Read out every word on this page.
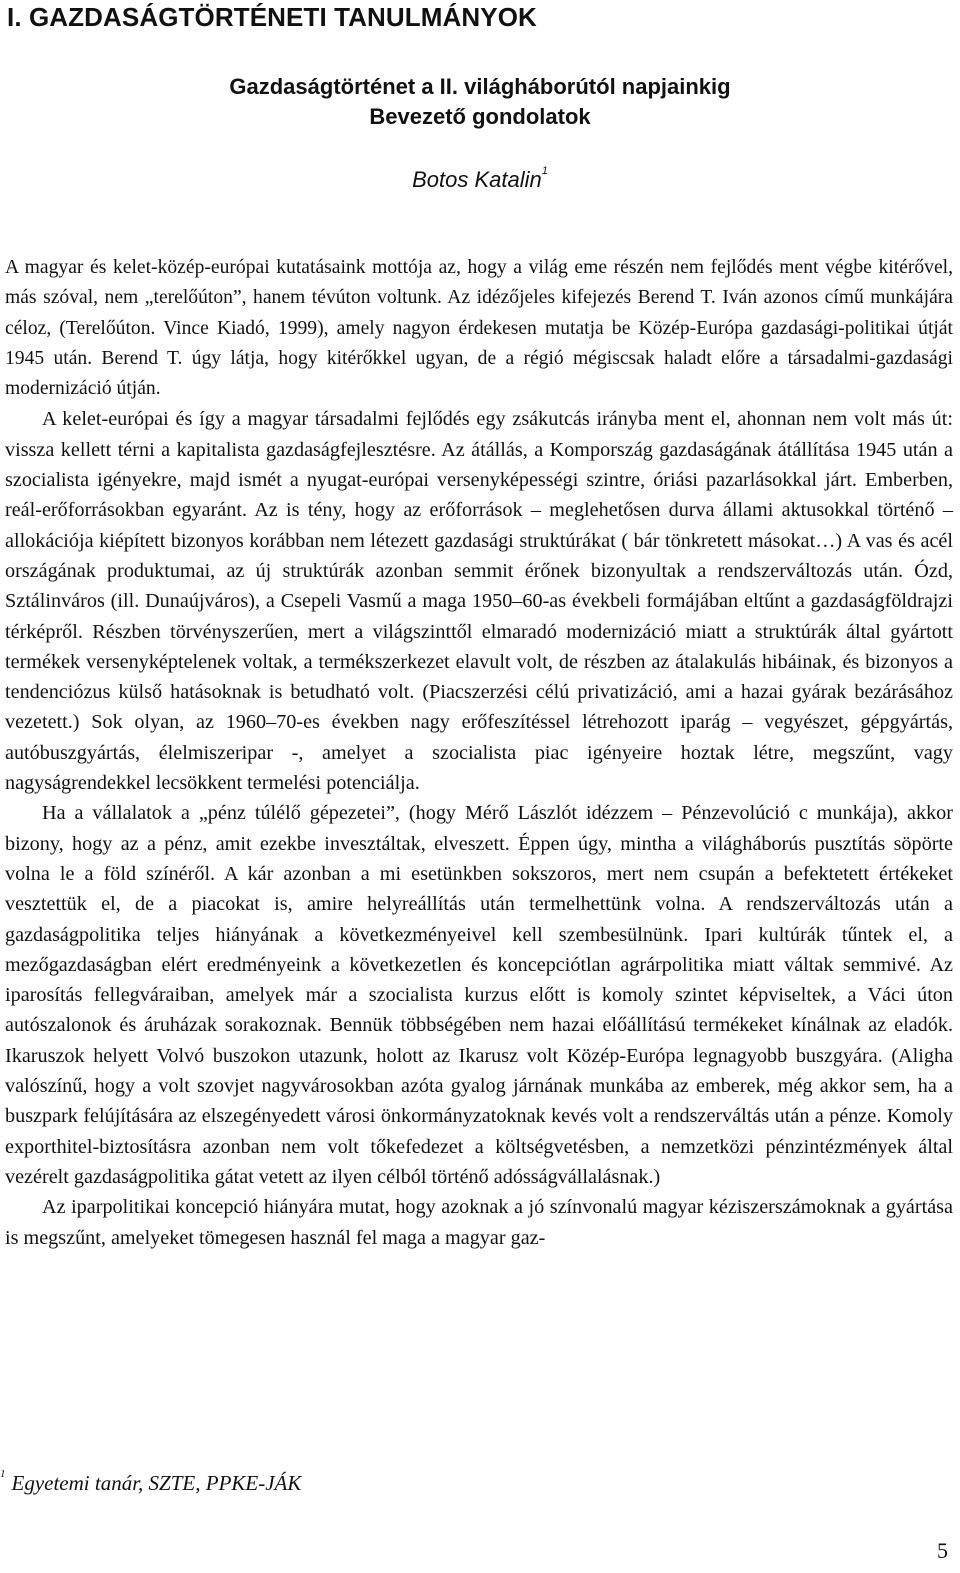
I. GAZDASÁGTÖRTÉNETI TANULMÁNYOK
Gazdaságtörténet a II. világháborútól napjainkig
Bevezető gondolatok

Botos Katalin$^1$

A magyar és kelet-közép-európai kutatásaink mottója az, hogy a világ eme részén nem fejlődés ment végbe kitérővel, más szóval, nem „terelőúton”, hanem tévúton voltunk. Az idézőjeles kifejezés Berend T. Iván azonos című munkájára céloz, (Terelőúton. Vince Kiadó, 1999), amely nagyon érdekesen mutatja be Közép-Európa gazdasági-politikai útját 1945 után. Berend T. úgy látja, hogy kitérőkkel ugyan, de a régió mégiscsak haladt előre a társadalmi-gazdasági modernizáció útján.

A kelet-európai és így a magyar társadalmi fejlődés egy zsákutcás irányba ment el, ahonnan nem volt más út: vissza kellett térni a kapitalista gazdaságfejlesztésre. Az átállás, a Kompország gazdaságának átállítása 1945 után a szocialista igényekre, majd ismét a nyugat-európai versenyképességi szintre, óriási pazarlásokkal járt. Emberben, reál-erőforrásokban egyaránt. Az is tény, hogy az erőforrások – meglehetősen durva állami aktusokkal történő – allokációja kiépített bizonyos korábban nem létezett gazdasági struktúrákat ( bár tönkretett másokat…) A vas és acél országának produktumai, az új struktúrák azonban semmit érőnek bizonyultak a rendszerváltozás után. Ózd, Sztálinváros (ill. Dunaújváros), a Csepeli Vasmű a maga 1950–60-as évekbeli formájában eltűnt a gazdaságföldrajzi térképről. Részben törvényszerűen, mert a világszinttől elmaradó modernizáció miatt a struktúrák által gyártott termékek versenyképtelenek voltak, a termékszerkezet elavult volt, de részben az átalakulás hibáinak, és bizonyos a tendenciózus külső hatásoknak is betudható volt. (Piacszerzési célú privatizáció, ami a hazai gyárak bezárásához vezetett.) Sok olyan, az 1960–70-es években nagy erőfeszítéssel létrehozott iparág – vegyészet, gépgyártás, autóbuszgyártás, élelmiszeripar -, amelyet a szocialista piac igényeire hoztak létre, megszűnt, vagy nagyságrendekkel lecsökkent termelési potenciálja.

Ha a vállalatok a „pénz túlélő gépezetei”, (hogy Mérő Lászlót idézzem – Pénzevolúció c munkája), akkor bizony, hogy az a pénz, amit ezekbe invesztáltak, elveszett. Éppen úgy, mintha a világháborús pusztítás söpörte volna le a föld színéről. A kár azonban a mi esetünkben sokszoros, mert nem csupán a befektetett értékeket vesztettük el, de a piacokat is, amire helyreállítás után termelhettünk volna. A rendszerváltozás után a gazdaságpolitika teljes hiányának a következményeivel kell szembesülnünk. Ipari kultúrák tűntek el, a mezőgazdaságban elért eredményeink a következetlen és koncepciótlan agrárpolitika miatt váltak semmivé. Az iparosítás fellegváraiban, amelyek már a szocialista kurzus előtt is komoly szintet képviseltek, a Váci úton autószalonok és áruházak sorakoznak. Bennük többségében nem hazai előállítású termékeket kínálnak az eladók. Ikaruszok helyett Volvó buszokon utazunk, holott az Ikarusz volt Közép-Európa legnagyobb buszgyára. (Aligha valószínű, hogy a volt szovjet nagyvárosokban azóta gyalog járnának munkába az emberek, még akkor sem, ha a buszpark felújítására az elszegényedett városi önkormányzatoknak kevés volt a rendszerváltás után a pénze. Komoly exporthitel-biztosításra azonban nem volt tőkefedezet a költségvetésben, a nemzetközi pénzintézmények által vezérelt gazdaságpolitika gátat vetett az ilyen célból történő adósságvállalásnak.)

Az iparpolitikai koncepció hiányára mutat, hogy azoknak a jó színvonalú magyar kéziszerszámoknak a gyártása is megszűnt, amelyeket tömegesen használ fel maga a magyar gaz-

$^1$ Egyetemi tanár, SZTE, PPKE-JÁK

5
